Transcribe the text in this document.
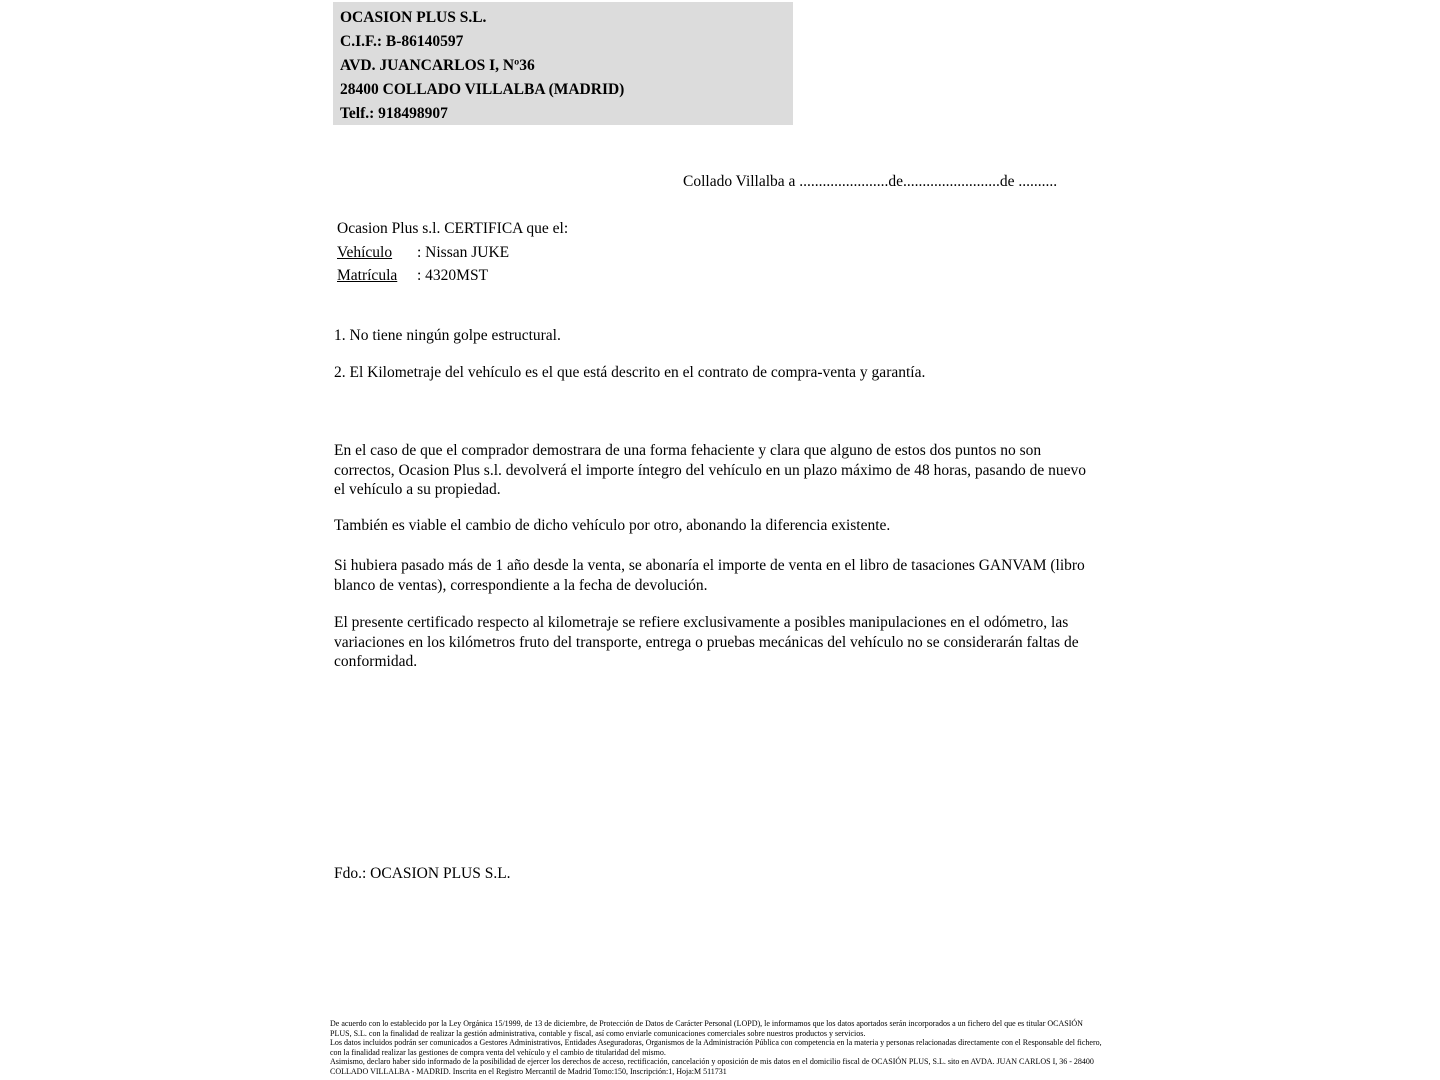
OCASION PLUS S.L.

C.I.F.: B-86140597

AVD. JUANCARLOS I, Nº36

28400 COLLADO VILLALBA (MADRID)

Telf.: 918498907

Collado Villalba a .......................de.........................de ..........

Ocasion Plus s.l. CERTIFICA que el:

Vehículo : Nissan JUKE

Matrícula : 4320MST

1. No tiene ningún golpe estructural.

2. El Kilometraje del vehículo es el que está descrito en el contrato de compra-venta y garantía.

En el caso de que el comprador demostrara de una forma fehaciente y clara que alguno de estos dos puntos no son correctos, Ocasion Plus s.l. devolverá el importe íntegro del vehículo en un plazo máximo de 48 horas, pasando de nuevo el vehículo a su propiedad.

También es viable el cambio de dicho vehículo por otro, abonando la diferencia existente.

Si hubiera pasado más de 1 año desde la venta, se abonaría el importe de venta en el libro de tasaciones GANVAM (libro blanco de ventas), correspondiente a la fecha de devolución.

El presente certificado respecto al kilometraje se refiere exclusivamente a posibles manipulaciones en el odómetro, las variaciones en los kilómetros fruto del transporte, entrega o pruebas mecánicas del vehículo no se considerarán faltas de conformidad.

Fdo.: OCASION PLUS S.L.

De acuerdo con lo establecido por la Ley Orgánica 15/1999, de 13 de diciembre, de Protección de Datos de Carácter Personal (LOPD), le informamos que los datos aportados serán incorporados a un fichero del que es titular OCASIÓN PLUS, S.L. con la finalidad de realizar la gestión administrativa, contable y fiscal, así como enviarle comunicaciones comerciales sobre nuestros productos y servicios.

Los datos incluidos podrán ser comunicados a Gestores Administrativos, Entidades Aseguradoras, Organismos de la Administración Pública con competencia en la materia y personas relacionadas directamente con el Responsable del fichero, con la finalidad realizar las gestiones de compra venta del vehículo y el cambio de titularidad del mismo.

Asimismo, declaro haber sido informado de la posibilidad de ejercer los derechos de acceso, rectificación, cancelación y oposición de mis datos en el domicilio fiscal de OCASIÓN PLUS, S.L. sito en AVDA. JUAN CARLOS I, 36 - 28400 COLLADO VILLALBA - MADRID. Inscrita en el Registro Mercantil de Madrid Tomo:150, Inscripción:1, Hoja:M 511731
